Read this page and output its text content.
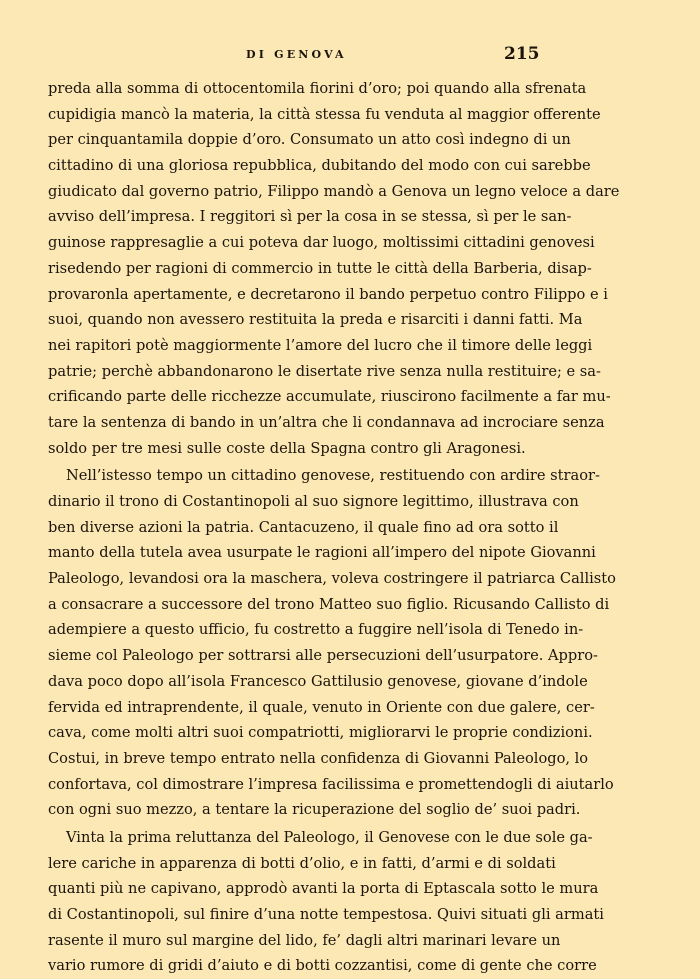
DI GENOVA	215
preda alla somma di ottocentomila fiorini d’oro; poi quando alla sfrenata
cupidigia mancò la materia, la città stessa fu venduta al maggior offerente
per cinquantamila doppie d’oro. Consumato un atto così indegno di un
cittadino di una gloriosa repubblica, dubitando del modo con cui sarebbe
giudicato dal governo patrio, Filippo mandò a Genova un legno veloce a dare
avviso dell’impresa. I reggitori sì per la cosa in se stessa, sì per le san-
guinose rappresaglie a cui poteva dar luogo, moltissimi cittadini genovesi
risedendo per ragioni di commercio in tutte le città della Barberia, disap-
provaronla apertamente, e decretarono il bando perpetuo contro Filippo e i
suoi, quando non avessero restituita la preda e risarciti i danni fatti. Ma
nei rapitori potè maggiormente l’amore del lucro che il timore delle leggi
patrie; perchè abbandonarono le disertate rive senza nulla restituire; e sa-
crificando parte delle ricchezze accumulate, riuscirono facilmente a far mu-
tare la sentenza di bando in un’altra che li condannava ad incrociare senza
soldo per tre mesi sulle coste della Spagna contro gli Aragonesi.
Nell’istesso tempo un cittadino genovese, restituendo con ardire straor-
dinario il trono di Costantinopoli al suo signore legittimo, illustrava con
ben diverse azioni la patria. Cantacuzeno, il quale fino ad ora sotto il
manto della tutela avea usurpate le ragioni all’impero del nipote Giovanni
Paleologo, levandosi ora la maschera, voleva costringere il patriarca Callisto
a consacrare a successore del trono Matteo suo figlio. Ricusando Callisto di
adempiere a questo ufficio, fu costretto a fuggire nell’isola di Tenedo in-
sieme col Paleologo per sottrarsi alle persecuzioni dell’usurpatore. Appro-
dava poco dopo all’isola Francesco Gattilusio genovese, giovane d’indole
fervida ed intraprendente, il quale, venuto in Oriente con due galere, cer-
cava, come molti altri suoi compatriotti, migliorarvi le proprie condizioni.
Costui, in breve tempo entrato nella confidenza di Giovanni Paleologo, lo
confortava, col dimostrare l’impresa facilissima e promettendogli di aiutarlo
con ogni suo mezzo, a tentare la ricuperazione del soglio de’ suoi padri.
Vinta la prima reluttanza del Paleologo, il Genovese con le due sole ga-
lere cariche in apparenza di botti d’olio, e in fatti, d’armi e di soldati
quanti più ne capivano, approdò avanti la porta di Eptascala sotto le mura
di Costantinopoli, sul finire d’una notte tempestosa. Quivi situati gli armati
rasente il muro sul margine del lido, fe’ dagli altri marinari levare un
vario rumore di gridi d’aiuto e di botti cozzantisi, come di gente che corre
